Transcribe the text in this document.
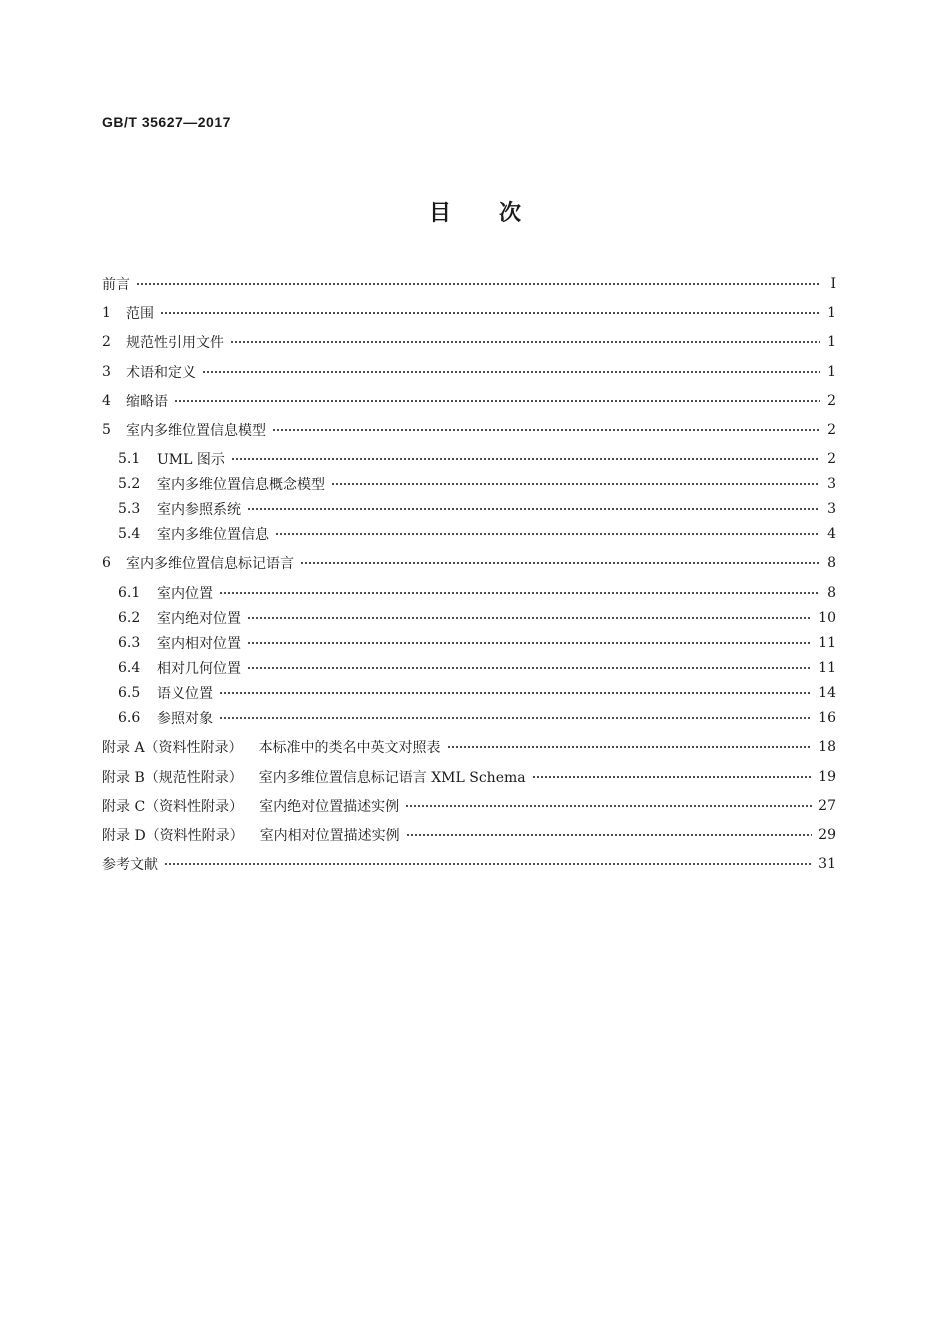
GB/T 35627—2017
目次
前言	Ⅰ
1	范围	1
2	规范性引用文件	1
3	术语和定义	1
4	缩略语	2
5	室内多维位置信息模型	2
5.1	UML 图示	2
5.2	室内多维位置信息概念模型	3
5.3	室内参照系统	3
5.4	室内多维位置信息	4
6	室内多维位置信息标记语言	8
6.1	室内位置	8
6.2	室内绝对位置	10
6.3	室内相对位置	11
6.4	相对几何位置	11
6.5	语义位置	14
6.6	参照对象	16
附录 A（资料性附录） 本标准中的类名中英文对照表	18
附录 B（规范性附录） 室内多维位置信息标记语言 XML Schema	19
附录 C（资料性附录） 室内绝对位置描述实例	27
附录 D（资料性附录） 室内相对位置描述实例	29
参考文献	31
